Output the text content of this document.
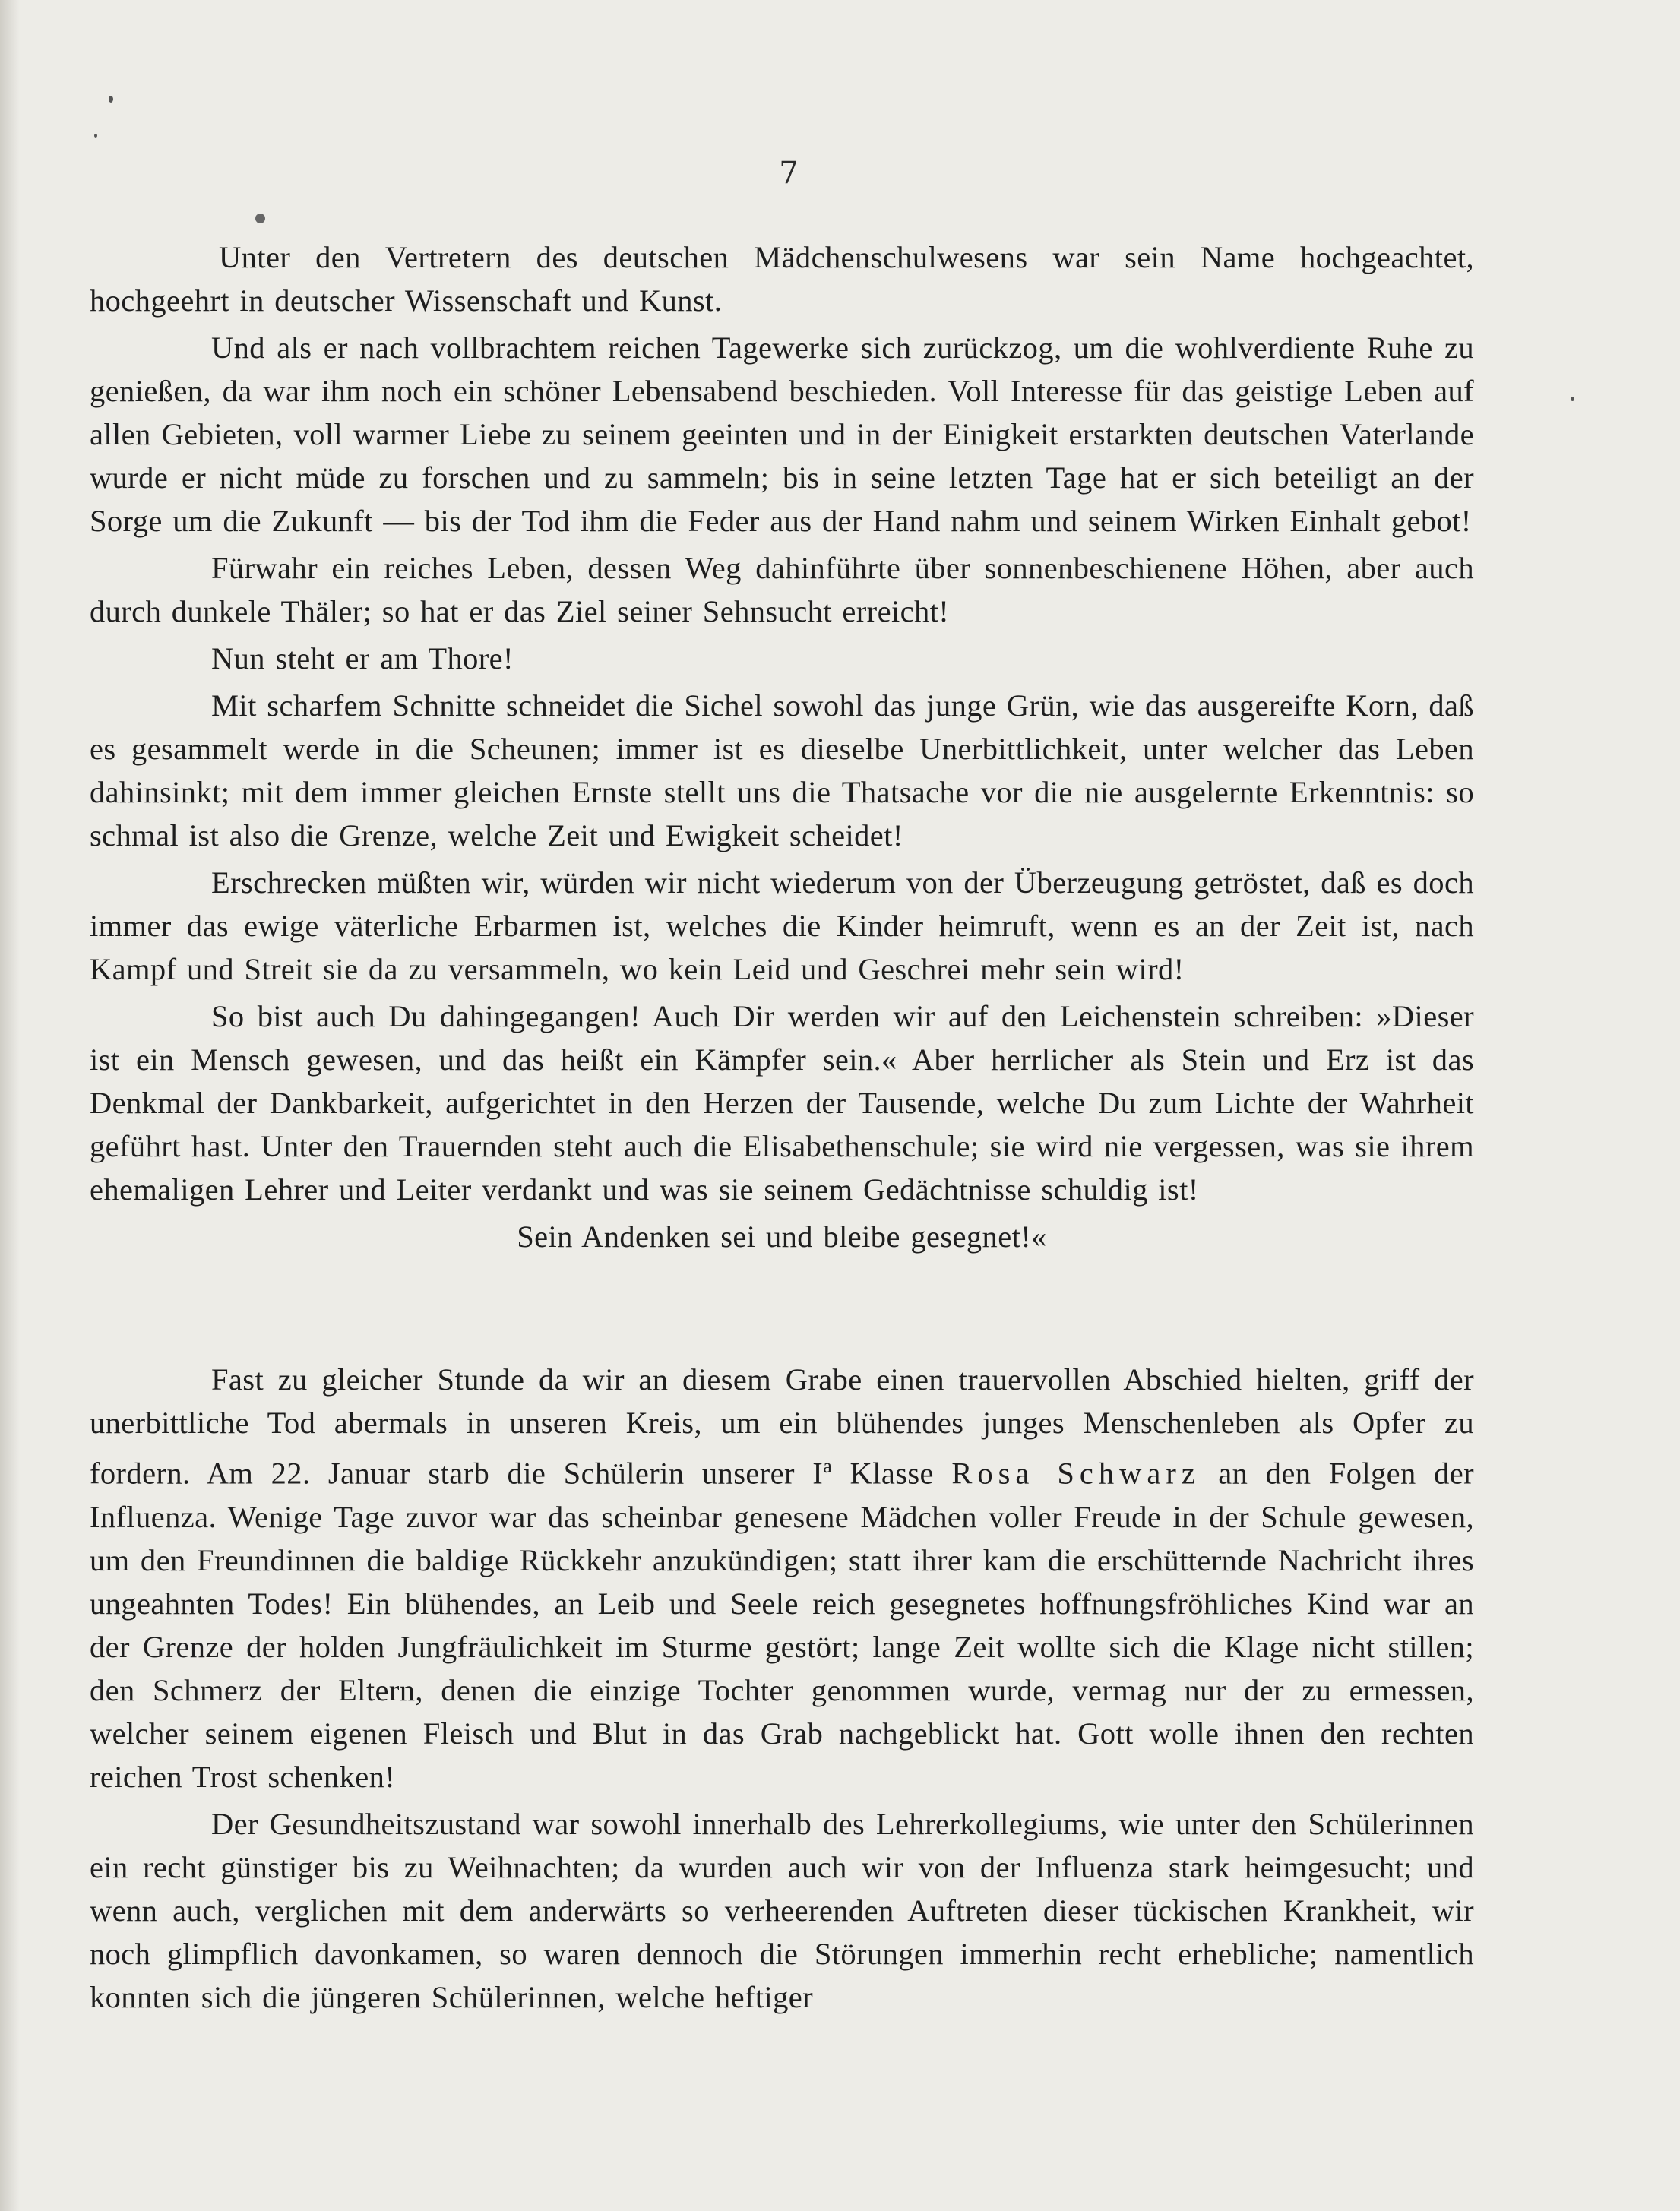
7

Unter den Vertretern des deutschen Mädchenschulwesens war sein Name hochgeachtet, hochgeehrt in deutscher Wissenschaft und Kunst.

Und als er nach vollbrachtem reichen Tagewerke sich zurückzog, um die wohlverdiente Ruhe zu genießen, da war ihm noch ein schöner Lebensabend beschieden. Voll Interesse für das geistige Leben auf allen Gebieten, voll warmer Liebe zu seinem geeinten und in der Einigkeit erstarkten deutschen Vaterlande wurde er nicht müde zu forschen und zu sammeln; bis in seine letzten Tage hat er sich beteiligt an der Sorge um die Zukunft — bis der Tod ihm die Feder aus der Hand nahm und seinem Wirken Einhalt gebot!

Fürwahr ein reiches Leben, dessen Weg dahinführte über sonnenbeschienene Höhen, aber auch durch dunkele Thäler; so hat er das Ziel seiner Sehnsucht erreicht!

Nun steht er am Thore!

Mit scharfem Schnitte schneidet die Sichel sowohl das junge Grün, wie das ausgereifte Korn, daß es gesammelt werde in die Scheunen; immer ist es dieselbe Unerbittlichkeit, unter welcher das Leben dahinsinkt; mit dem immer gleichen Ernste stellt uns die Thatsache vor die nie ausgelernte Erkenntnis: so schmal ist also die Grenze, welche Zeit und Ewigkeit scheidet!

Erschrecken müßten wir, würden wir nicht wiederum von der Überzeugung getröstet, daß es doch immer das ewige väterliche Erbarmen ist, welches die Kinder heimruft, wenn es an der Zeit ist, nach Kampf und Streit sie da zu versammeln, wo kein Leid und Geschrei mehr sein wird!

So bist auch Du dahingegangen! Auch Dir werden wir auf den Leichenstein schreiben: »Dieser ist ein Mensch gewesen, und das heißt ein Kämpfer sein.« Aber herrlicher als Stein und Erz ist das Denkmal der Dankbarkeit, aufgerichtet in den Herzen der Tausende, welche Du zum Lichte der Wahrheit geführt hast. Unter den Trauernden steht auch die Elisabethenschule; sie wird nie vergessen, was sie ihrem ehemaligen Lehrer und Leiter verdankt und was sie seinem Gedächtnisse schuldig ist!

Sein Andenken sei und bleibe gesegnet!«

Fast zu gleicher Stunde da wir an diesem Grabe einen trauervollen Abschied hielten, griff der unerbittliche Tod abermals in unseren Kreis, um ein blühendes junges Menschenleben als Opfer zu fordern. Am 22. Januar starb die Schülerin unserer $I^a$ Klasse Rosa Schwarz an den Folgen der Influenza. Wenige Tage zuvor war das scheinbar genesene Mädchen voller Freude in der Schule gewesen, um den Freundinnen die baldige Rückkehr anzukündigen; statt ihrer kam die erschütternde Nachricht ihres ungeahnten Todes! Ein blühendes, an Leib und Seele reich gesegnetes hoffnungsfröhliches Kind war an der Grenze der holden Jungfräulichkeit im Sturme gestört; lange Zeit wollte sich die Klage nicht stillen; den Schmerz der Eltern, denen die einzige Tochter genommen wurde, vermag nur der zu ermessen, welcher seinem eigenen Fleisch und Blut in das Grab nachgeblickt hat. Gott wolle ihnen den rechten reichen Trost schenken!

Der Gesundheitszustand war sowohl innerhalb des Lehrerkollegiums, wie unter den Schülerinnen ein recht günstiger bis zu Weihnachten; da wurden auch wir von der Influenza stark heimgesucht; und wenn auch, verglichen mit dem anderwärts so verheerenden Auftreten dieser tückischen Krankheit, wir noch glimpflich davonkamen, so waren dennoch die Störungen immerhin recht erhebliche; namentlich konnten sich die jüngeren Schülerinnen, welche heftiger
